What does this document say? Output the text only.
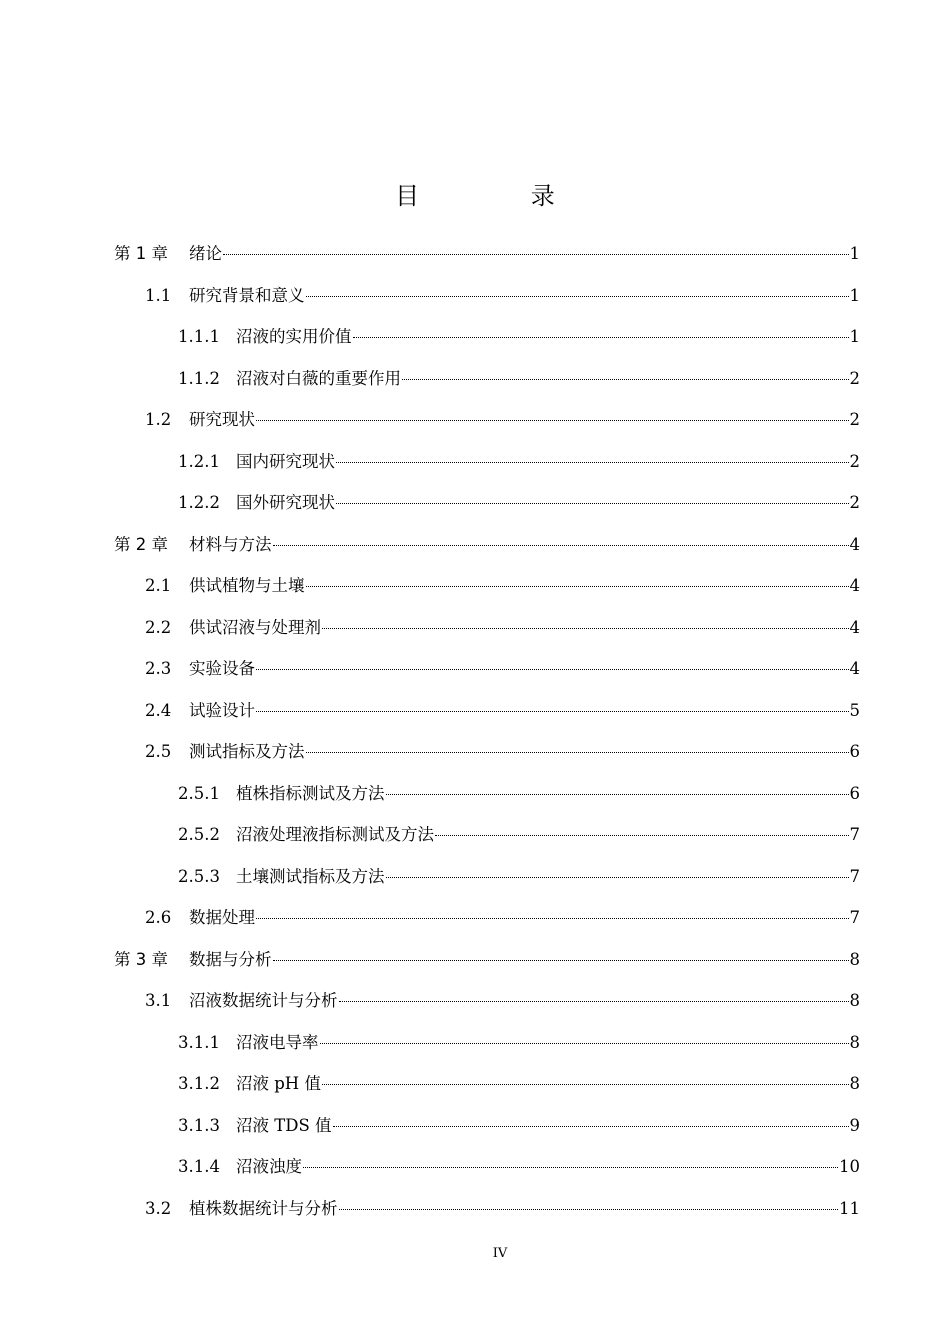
目 录
第 1 章	绪论	1
1.1	研究背景和意义	1
1.1.1 沼液的实用价值	1
1.1.2 沼液对白薇的重要作用	2
1.2	研究现状	2
1.2.1 国内研究现状	2
1.2.2 国外研究现状	2
第 2 章	材料与方法	4
2.1	供试植物与土壤	4
2.2	供试沼液与处理剂	4
2.3	实验设备	4
2.4	试验设计	5
2.5	测试指标及方法	6
2.5.1 植株指标测试及方法	6
2.5.2 沼液处理液指标测试及方法	7
2.5.3 土壤测试指标及方法	7
2.6	数据处理	7
第 3 章	数据与分析	8
3.1	沼液数据统计与分析	8
3.1.1 沼液电导率	8
3.1.2 沼液 pH 值	8
3.1.3 沼液 TDS 值	9
3.1.4 沼液浊度	10
3.2	植株数据统计与分析	11
IV
